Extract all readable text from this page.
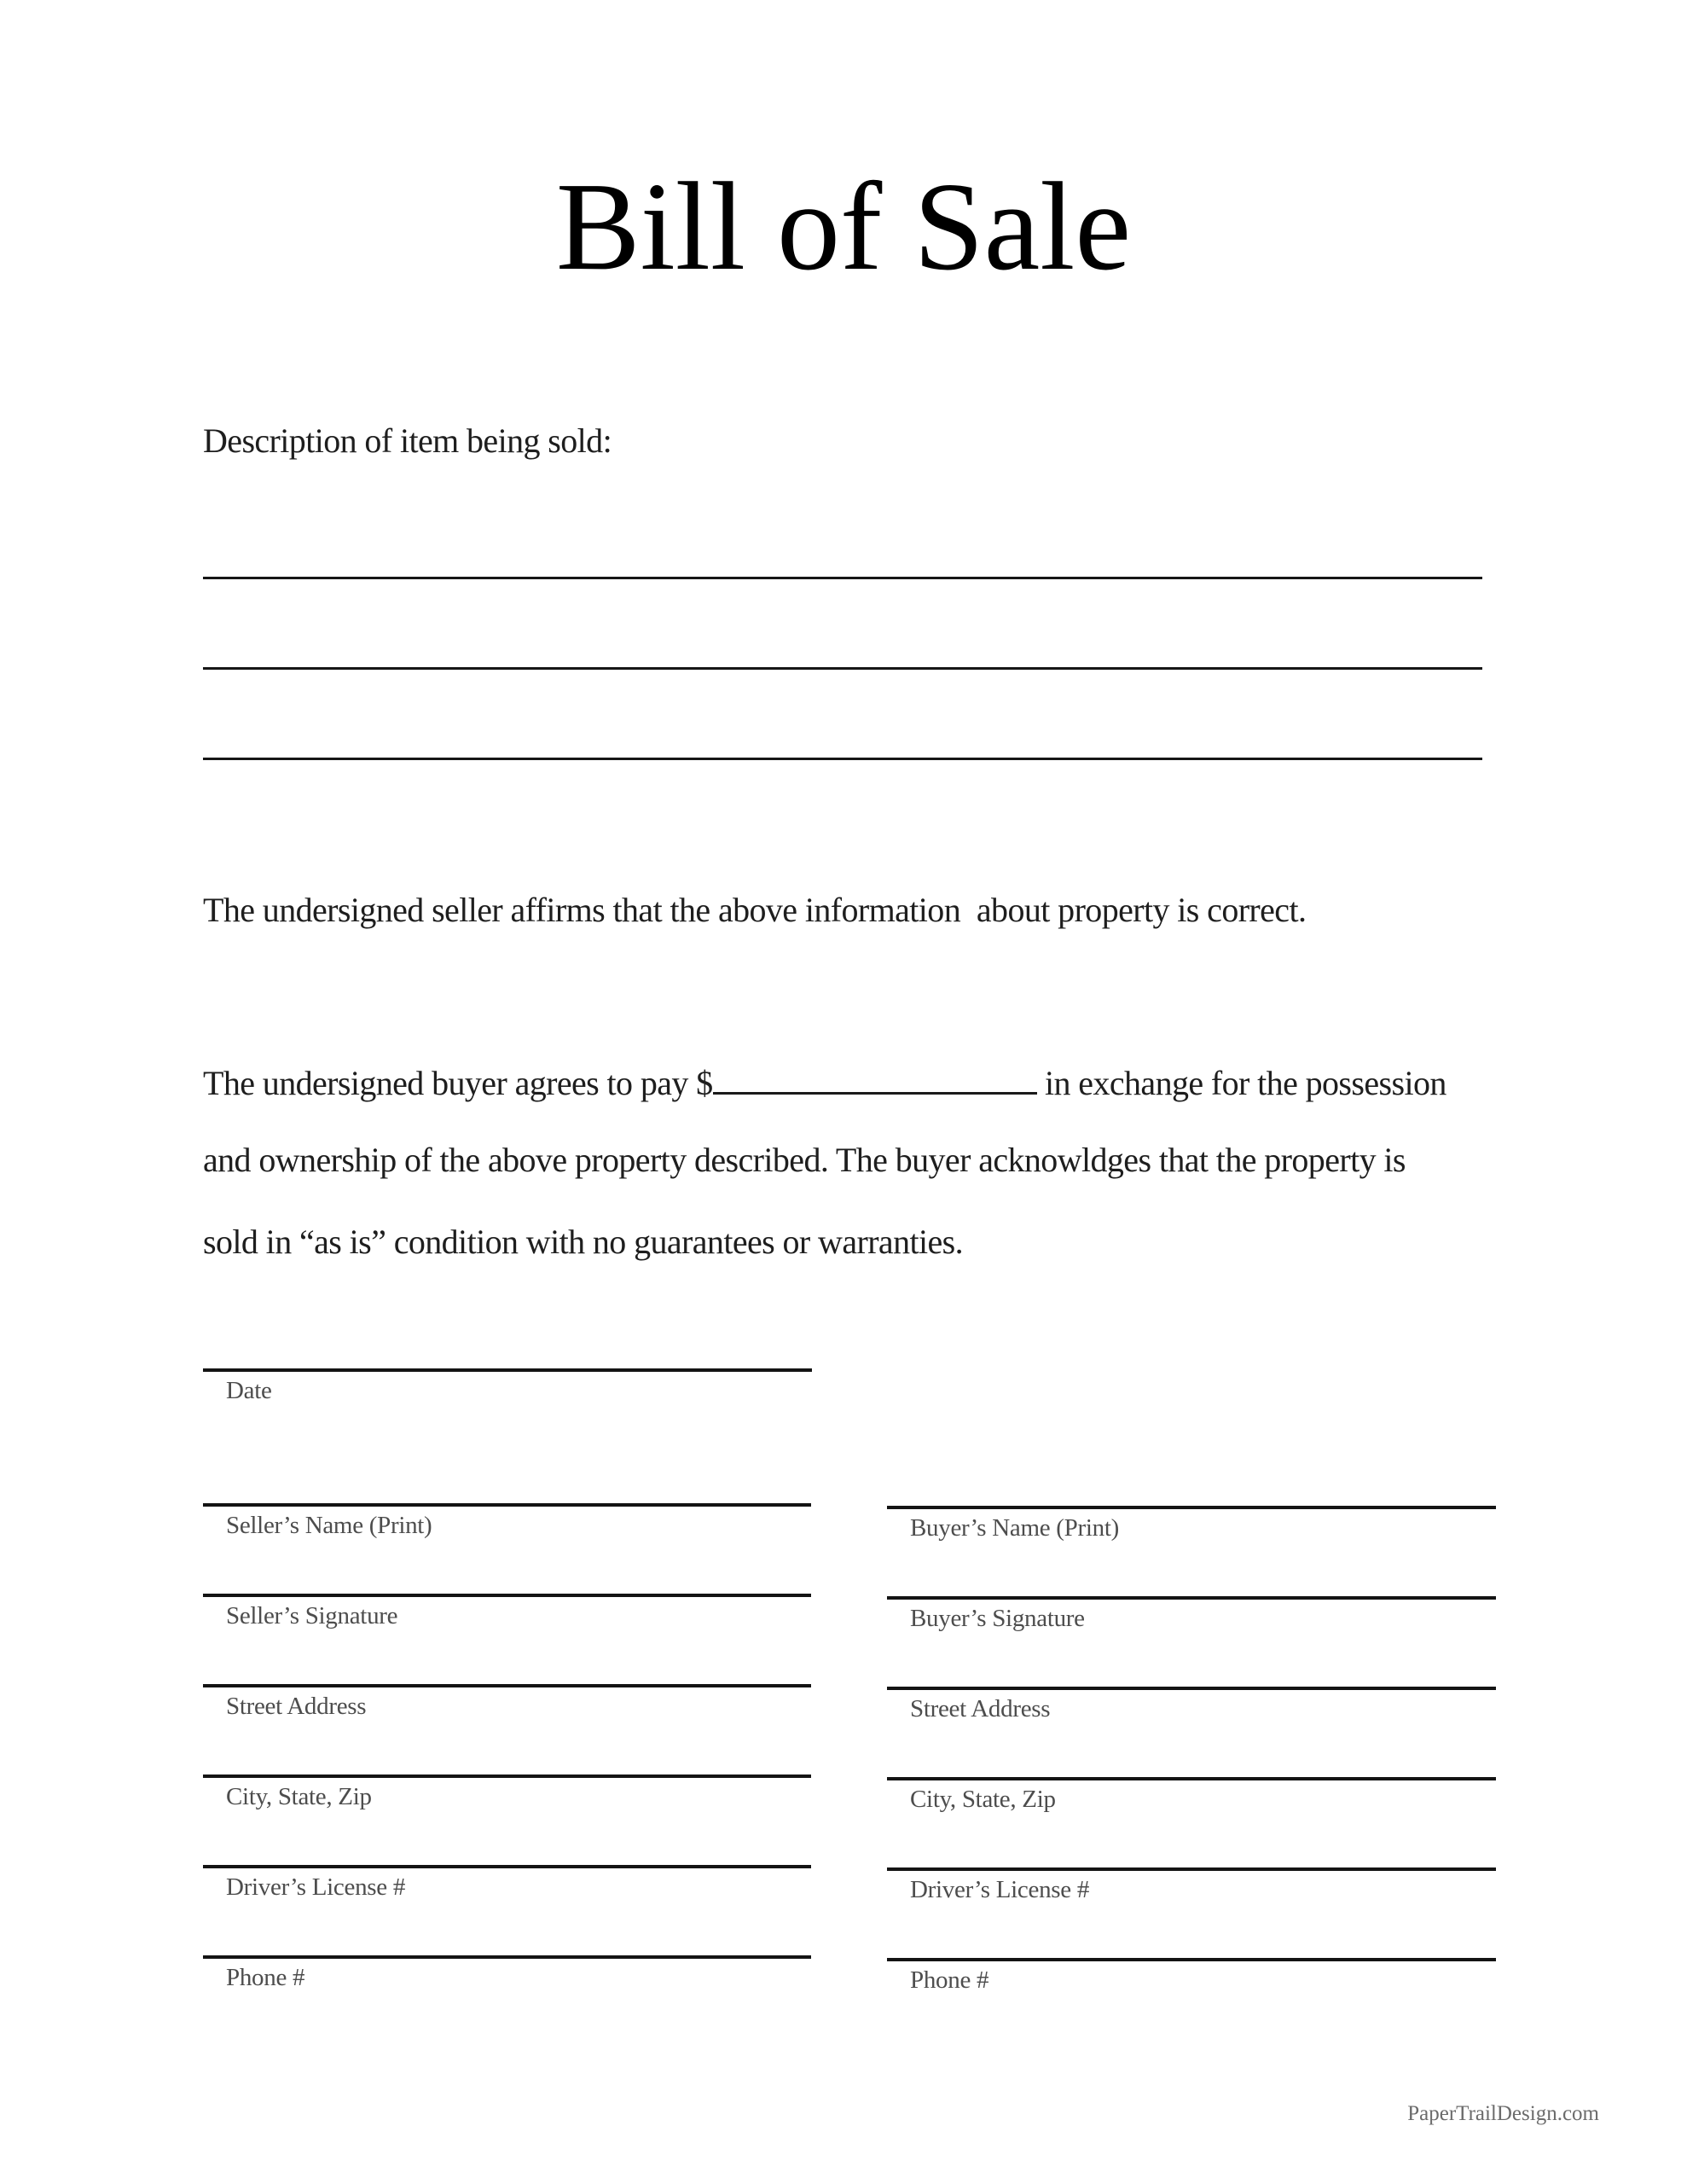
Bill of Sale
Description of item being sold:
The undersigned seller affirms that the above information  about property is correct.
The undersigned buyer agrees to pay $	in exchange for the possession
and ownership of the above property described. The buyer acknowldges that the property is
sold in “as is” condition with no guarantees or warranties.
Date
Seller’s Name (Print)
Seller’s Signature
Street Address
City, State, Zip
Driver’s License #
Phone #
Buyer’s Name (Print)
Buyer’s Signature
Street Address
City, State, Zip
Driver’s License #
Phone #
PaperTrailDesign.com
